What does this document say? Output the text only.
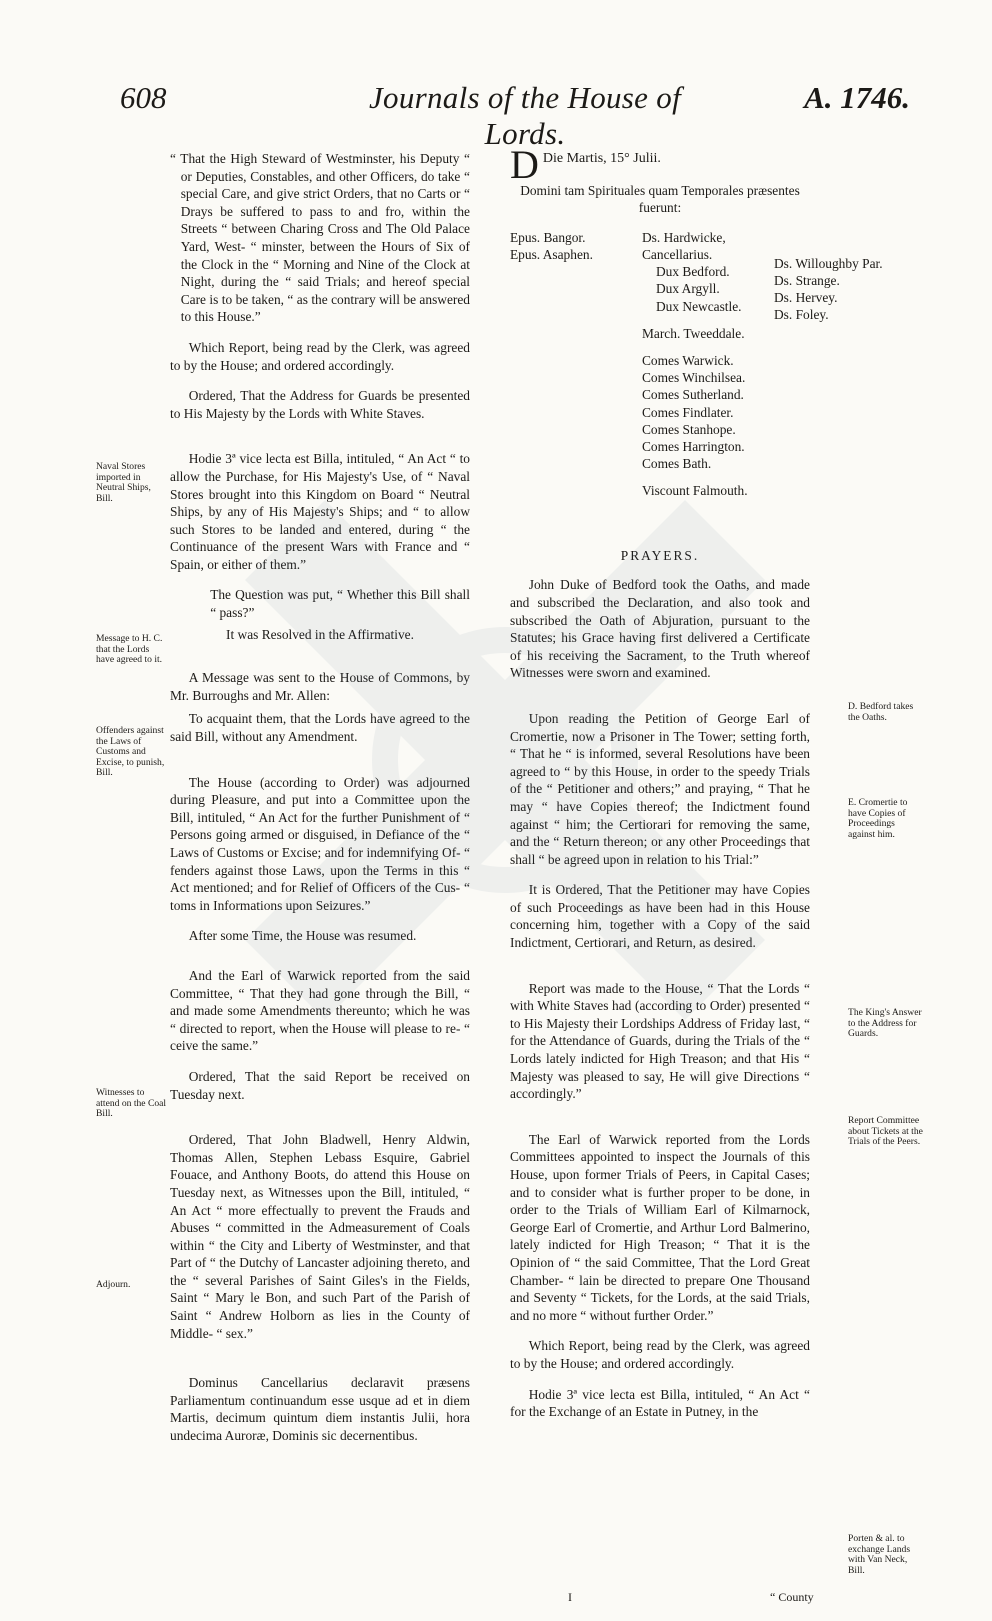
608	Journals of the House of Lords.
A. 1746.

“ That the High Steward of Westminster, his Deputy “ or Deputies, Constables, and other Officers, do take “ special Care, and give strict Orders, that no Carts or “ Drays be suffered to pass to and fro, within the Streets “ between Charing Cross and The Old Palace Yard, West- “ minster, between the Hours of Six of the Clock in the “ Morning and Nine of the Clock at Night, during the “ said Trials; and hereof special Care is to be taken, “ as the contrary will be answered to this House.”

Which Report, being read by the Clerk, was agreed to by the House; and ordered accordingly.

Ordered, That the Address for Guards be presented to His Majesty by the Lords with White Staves.

Hodie 3ª vice lecta est Billa, intituled, “ An Act “ to allow the Purchase, for His Majesty's Use, of “ Naval Stores brought into this Kingdom on Board “ Neutral Ships, by any of His Majesty's Ships; and “ to allow such Stores to be landed and entered, during “ the Continuance of the present Wars with France and “ Spain, or either of them.”

The Question was put, “ Whether this Bill shall “ pass?”

It was Resolved in the Affirmative.

A Message was sent to the House of Commons, by Mr. Burroughs and Mr. Allen:

To acquaint them, that the Lords have agreed to the said Bill, without any Amendment.

The House (according to Order) was adjourned during Pleasure, and put into a Committee upon the Bill, intituled, “ An Act for the further Punishment of “ Persons going armed or disguised, in Defiance of the “ Laws of Customs or Excise; and for indemnifying Of- “ fenders against those Laws, upon the Terms in this “ Act mentioned; and for Relief of Officers of the Cus- “ toms in Informations upon Seizures.”

After some Time, the House was resumed.

And the Earl of Warwick reported from the said Committee, “ That they had gone through the Bill, “ and made some Amendments thereunto; which he was “ directed to report, when the House will please to re- “ ceive the same.”

Ordered, That the said Report be received on Tuesday next.

Ordered, That John Bladwell, Henry Aldwin, Thomas Allen, Stephen Lebass Esquire, Gabriel Fouace, and Anthony Boots, do attend this House on Tuesday next, as Witnesses upon the Bill, intituled, “ An Act “ more effectually to prevent the Frauds and Abuses “ committed in the Admeasurement of Coals within “ the City and Liberty of Westminster, and that Part of “ the Dutchy of Lancaster adjoining thereto, and the “ several Parishes of Saint Giles's in the Fields, Saint “ Mary le Bon, and such Part of the Parish of Saint “ Andrew Holborn as lies in the County of Middle- “ sex.”

Dominus Cancellarius declaravit præsens Parliamentum continuandum esse usque ad et in diem Martis, decimum quintum diem instantis Julii, hora undecima Auroræ, Dominis sic decernentibus.

Naval Stores imported in Neutral Ships, Bill.
Message to H. C. that the Lords have agreed to it.
Offenders against the Laws of Customs and Excise, to punish, Bill.
Witnesses to attend on the Coal Bill.
Adjourn.
D Die Martis, 15° Julii.
Domini tam Spirituales quam Temporales præsentes fuerunt:
Epus. Bangor.
Epus. Asaphen.
Ds. Hardwicke, Cancellarius.
Dux Bedford.
Dux Argyll.
Dux Newcastle.
March. Tweeddale.
Comes Warwick.
Comes Winchilsea.
Comes Sutherland.
Comes Findlater.
Comes Stanhope.
Comes Harrington.
Comes Bath.
Viscount Falmouth.
Ds. Willoughby Par.
Ds. Strange.
Ds. Hervey.
Ds. Foley.
PRAYERS.

John Duke of Bedford took the Oaths, and made and subscribed the Declaration, and also took and subscribed the Oath of Abjuration, pursuant to the Statutes; his Grace having first delivered a Certificate of his receiving the Sacrament, to the Truth whereof Witnesses were sworn and examined.

Upon reading the Petition of George Earl of Cromertie, now a Prisoner in The Tower; setting forth, “ That he “ is informed, several Resolutions have been agreed to “ by this House, in order to the speedy Trials of the “ Petitioner and others;” and praying, “ That he may “ have Copies thereof; the Indictment found against “ him; the Certiorari for removing the same, and the “ Return thereon; or any other Proceedings that shall “ be agreed upon in relation to his Trial:”

It is Ordered, That the Petitioner may have Copies of such Proceedings as have been had in this House concerning him, together with a Copy of the said Indictment, Certiorari, and Return, as desired.

Report was made to the House, “ That the Lords “ with White Staves had (according to Order) presented “ to His Majesty their Lordships Address of Friday last, “ for the Attendance of Guards, during the Trials of the “ Lords lately indicted for High Treason; and that His “ Majesty was pleased to say, He will give Directions “ accordingly.”

The Earl of Warwick reported from the Lords Committees appointed to inspect the Journals of this House, upon former Trials of Peers, in Capital Cases; and to consider what is further proper to be done, in order to the Trials of William Earl of Kilmarnock, George Earl of Cromertie, and Arthur Lord Balmerino, lately indicted for High Treason; “ That it is the Opinion of “ the said Committee, That the Lord Great Chamber- “ lain be directed to prepare One Thousand and Seventy “ Tickets, for the Lords, at the said Trials, and no more “ without further Order.”

Which Report, being read by the Clerk, was agreed to by the House; and ordered accordingly.

Hodie 3ª vice lecta est Billa, intituled, “ An Act “ for the Exchange of an Estate in Putney, in the

I	“ County
D. Bedford takes the Oaths.
E. Cromertie to have Copies of Proceedings against him.
The King's Answer to the Address for Guards.
Report Committee about Tickets at the Trials of the Peers.
Porten & al. to exchange Lands with Van Neck, Bill.
